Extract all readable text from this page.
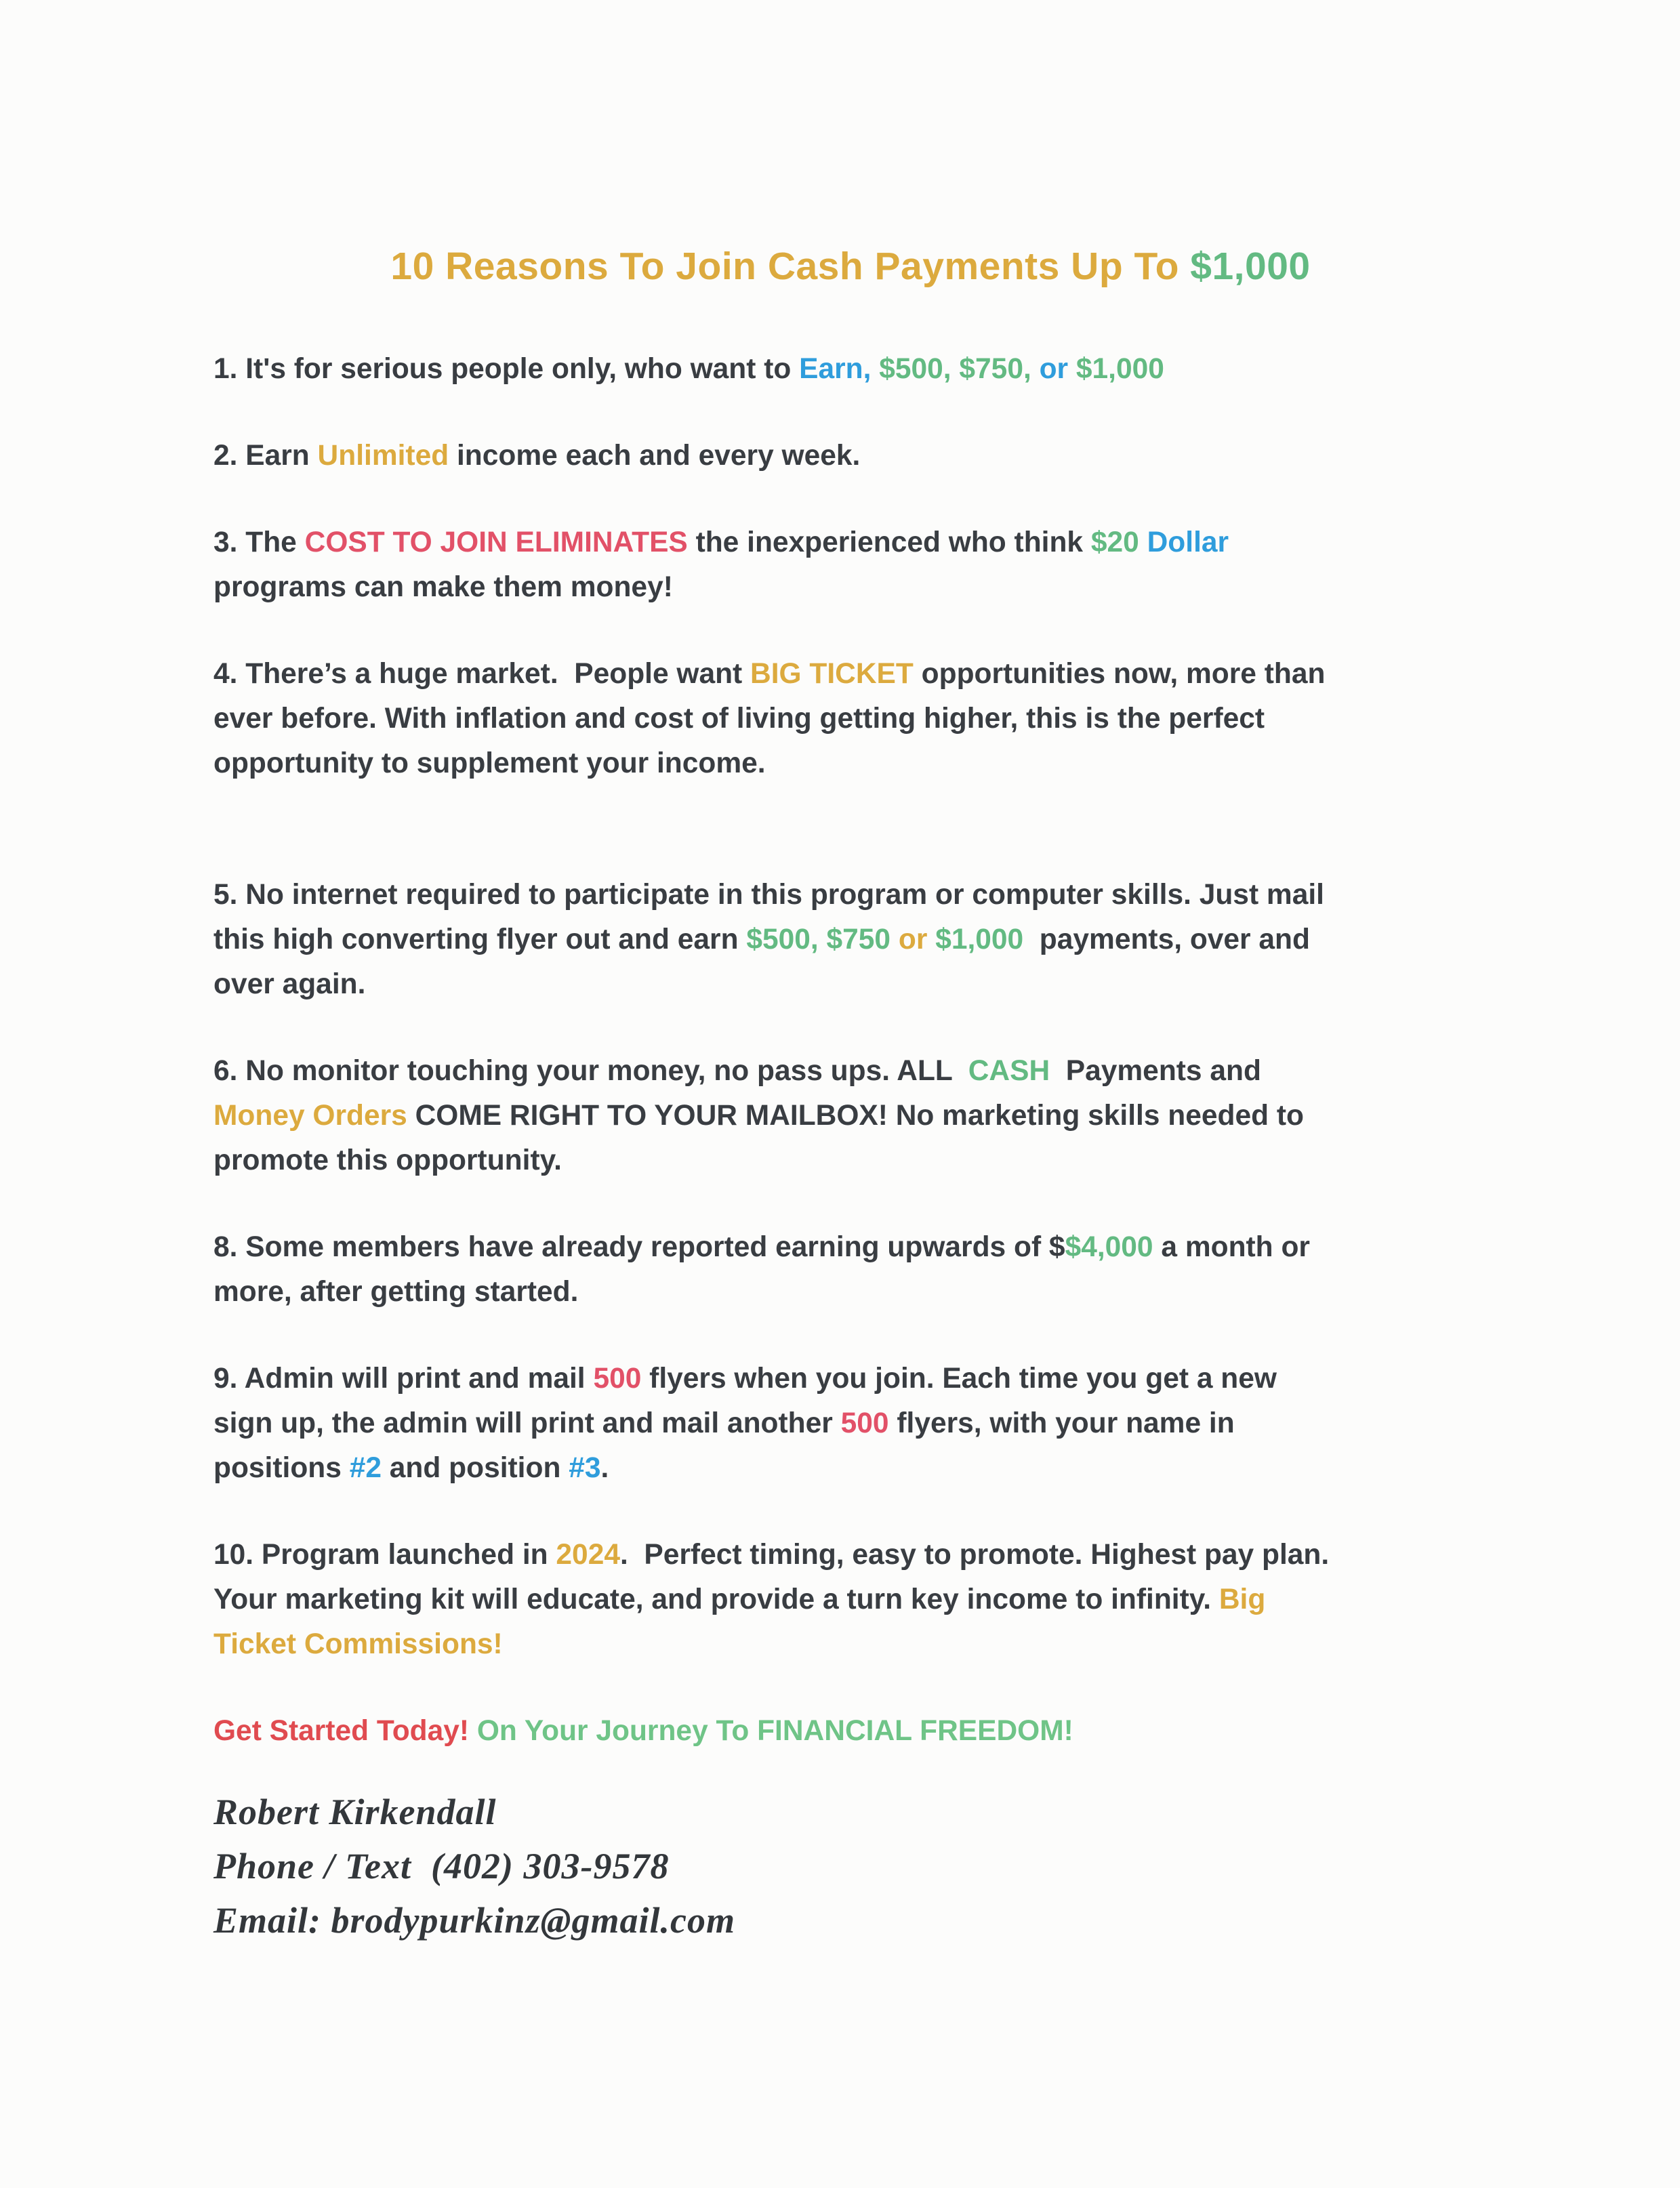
10 Reasons To Join Cash Payments Up To $1,000

1. It's for serious people only, who want to Earn, $500, $750, or $1,000

2. Earn Unlimited income each and every week.

3. The COST TO JOIN ELIMINATES the inexperienced who think $20 Dollar
programs can make them money!

4. There’s a huge market.  People want BIG TICKET opportunities now, more than
ever before. With inflation and cost of living getting higher, this is the perfect
opportunity to supplement your income.

5. No internet required to participate in this program or computer skills. Just mail
this high converting flyer out and earn $500, $750 or $1,000  payments, over and
over again.

6. No monitor touching your money, no pass ups. ALL  CASH  Payments and
Money Orders COME RIGHT TO YOUR MAILBOX! No marketing skills needed to
promote this opportunity.

8. Some members have already reported earning upwards of $$4,000 a month or
more, after getting started.

9. Admin will print and mail 500 flyers when you join. Each time you get a new
sign up, the admin will print and mail another 500 flyers, with your name in
positions #2 and position #3.

10. Program launched in 2024.  Perfect timing, easy to promote. Highest pay plan.
Your marketing kit will educate, and provide a turn key income to infinity. Big
Ticket Commissions!

Get Started Today! On Your Journey To FINANCIAL FREEDOM!

Robert Kirkendall
Phone / Text  (402) 303-9578
Email: brodypurkinz@gmail.com
